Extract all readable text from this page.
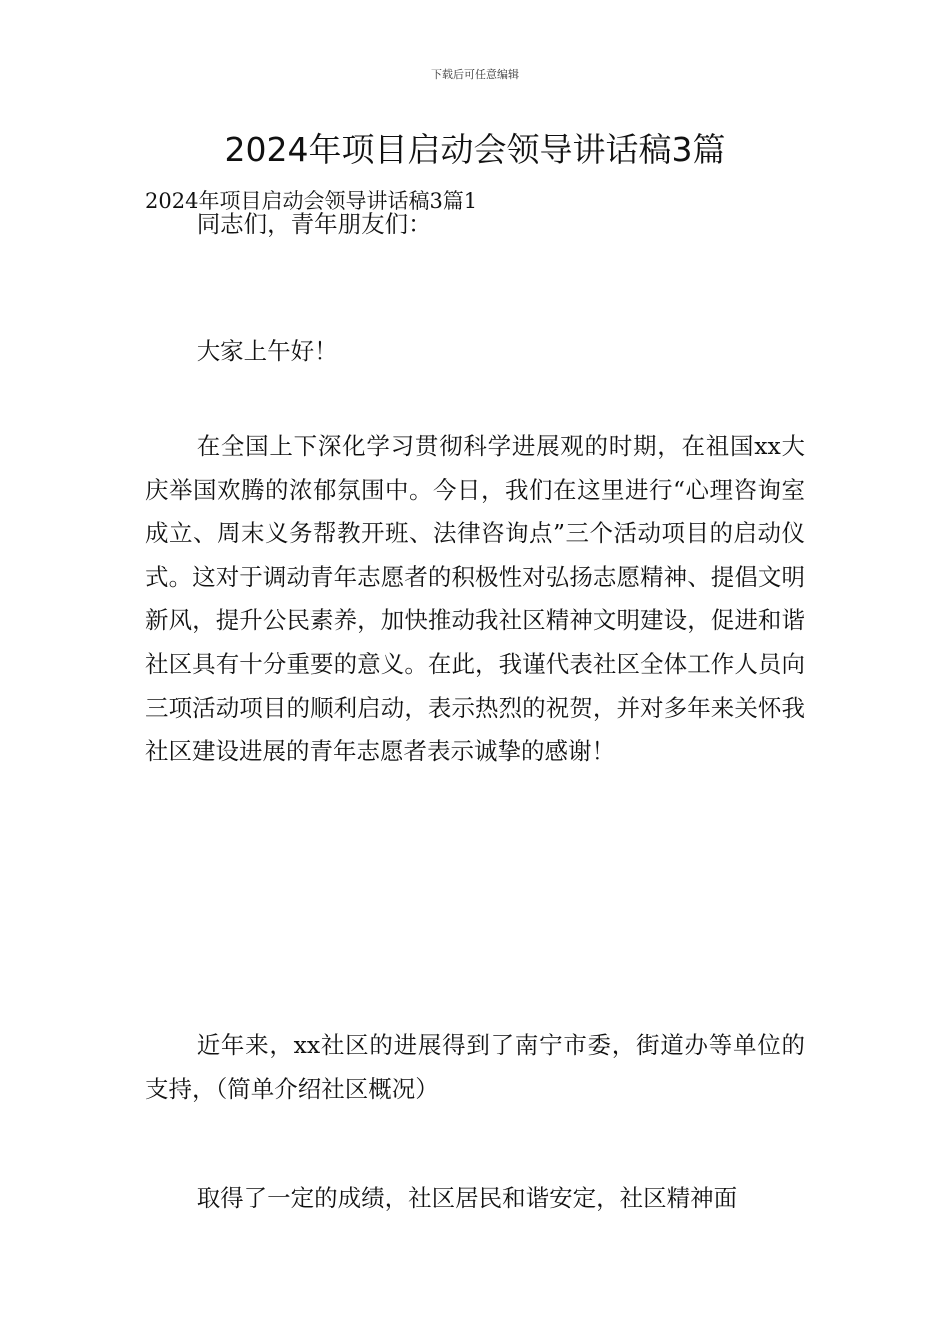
下载后可任意编辑
2024年项目启动会领导讲话稿3篇

2024年项目启动会领导讲话稿3篇1

同志们，青年朋友们：

大家上午好！

在全国上下深化学习贯彻科学进展观的时期，在祖国xx大庆举国欢腾的浓郁氛围中。今日，我们在这里进行“心理咨询室成立、周末义务帮教开班、法律咨询点”三个活动项目的启动仪式。这对于调动青年志愿者的积极性对弘扬志愿精神、提倡文明新风，提升公民素养，加快推动我社区精神文明建设，促进和谐社区具有十分重要的意义。在此，我谨代表社区全体工作人员向三项活动项目的顺利启动，表示热烈的祝贺，并对多年来关怀我社区建设进展的青年志愿者表示诚挚的感谢！

近年来，xx社区的进展得到了南宁市委，街道办等单位的支持，（简单介绍社区概况）

取得了一定的成绩，社区居民和谐安定，社区精神面
